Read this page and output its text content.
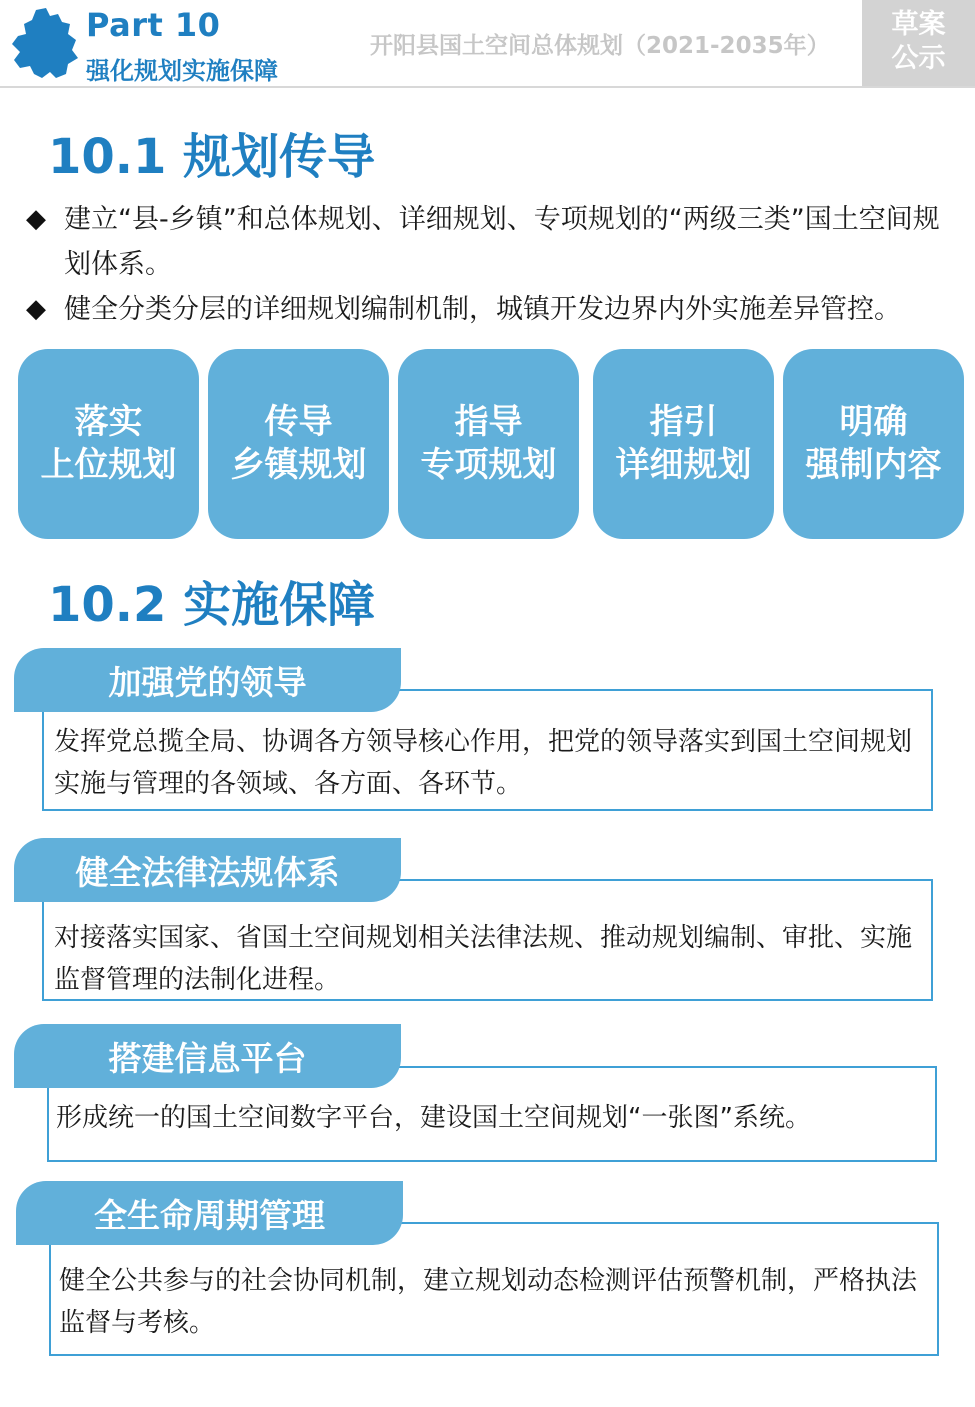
Part 10
强化规划实施保障
开阳县国土空间总体规划（2021-2035年）
草案
公示
10.1 规划传导
◆ 建立“县-乡镇”和总体规划、详细规划、专项规划的“两级三类”国土空间规划体系。
◆ 健全分类分层的详细规划编制机制，城镇开发边界内外实施差异管控。
落实
上位规划
传导
乡镇规划
指导
专项规划
指引
详细规划
明确
强制内容
10.2 实施保障
加强党的领导
发挥党总揽全局、协调各方领导核心作用，把党的领导落实到国土空间规划实施与管理的各领域、各方面、各环节。
健全法律法规体系
对接落实国家、省国土空间规划相关法律法规、推动规划编制、审批、实施监督管理的法制化进程。
搭建信息平台
形成统一的国土空间数字平台，建设国土空间规划“一张图”系统。
全生命周期管理
健全公共参与的社会协同机制，建立规划动态检测评估预警机制，严格执法监督与考核。
